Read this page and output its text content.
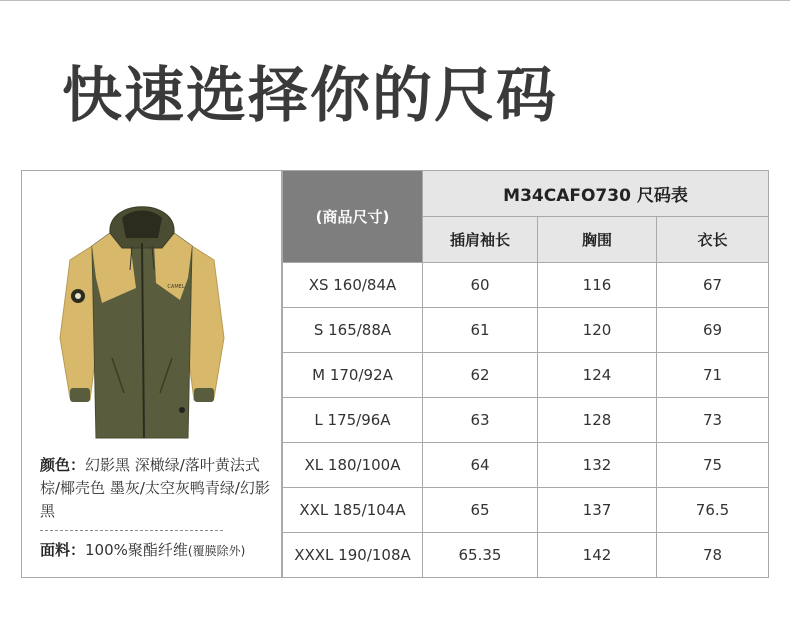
快速选择你的尺码
CAMEL
颜色：幻影黑 深橄绿/落叶黄法式棕/椰壳色 墨灰/太空灰鸭青绿/幻影黑
面料：100%聚酯纤维(覆膜除外)
(商品尺寸)	M34CAFO730 尺码表		
	插肩袖长	胸围	衣长
XS 160/84A	60	116	67
S 165/88A	61	120	69
M 170/92A	62	124	71
L 175/96A	63	128	73
XL 180/100A	64	132	75
XXL 185/104A	65	137	76.5
XXXL 190/108A	65.35	142	78
